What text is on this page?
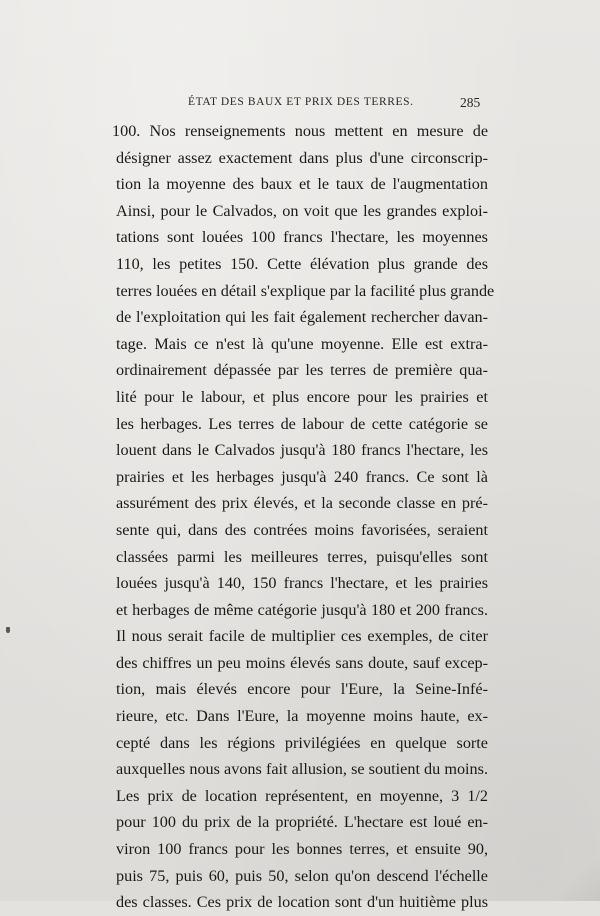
ÉTAT DES BAUX ET PRIX DES TERRES.	285
100. Nos renseignements nous mettent en mesure de
désigner assez exactement dans plus d'une circonscrip-
tion la moyenne des baux et le taux de l'augmentation
Ainsi, pour le Calvados, on voit que les grandes exploi-
tations sont louées 100 francs l'hectare, les moyennes
110, les petites 150. Cette élévation plus grande des
terres louées en détail s'explique par la facilité plus grande
de l'exploitation qui les fait également rechercher davan-
tage. Mais ce n'est là qu'une moyenne. Elle est extra-
ordinairement dépassée par les terres de première qua-
lité pour le labour, et plus encore pour les prairies et
les herbages. Les terres de labour de cette catégorie se
louent dans le Calvados jusqu'à 180 francs l'hectare, les
prairies et les herbages jusqu'à 240 francs. Ce sont là
assurément des prix élevés, et la seconde classe en pré-
sente qui, dans des contrées moins favorisées, seraient
classées parmi les meilleures terres, puisqu'elles sont
louées jusqu'à 140, 150 francs l'hectare, et les prairies
et herbages de même catégorie jusqu'à 180 et 200 francs.
Il nous serait facile de multiplier ces exemples, de citer
des chiffres un peu moins élevés sans doute, sauf excep-
tion, mais élevés encore pour l'Eure, la Seine-Infé-
rieure, etc. Dans l'Eure, la moyenne moins haute, ex-
cepté dans les régions privilégiées en quelque sorte
auxquelles nous avons fait allusion, se soutient du moins.
Les prix de location représentent, en moyenne, 3 1/2
pour 100 du prix de la propriété. L'hectare est loué en-
viron 100 francs pour les bonnes terres, et ensuite 90,
puis 75, puis 60, puis 50, selon qu'on descend l'échelle
des classes. Ces prix de location sont d'un huitième plus
